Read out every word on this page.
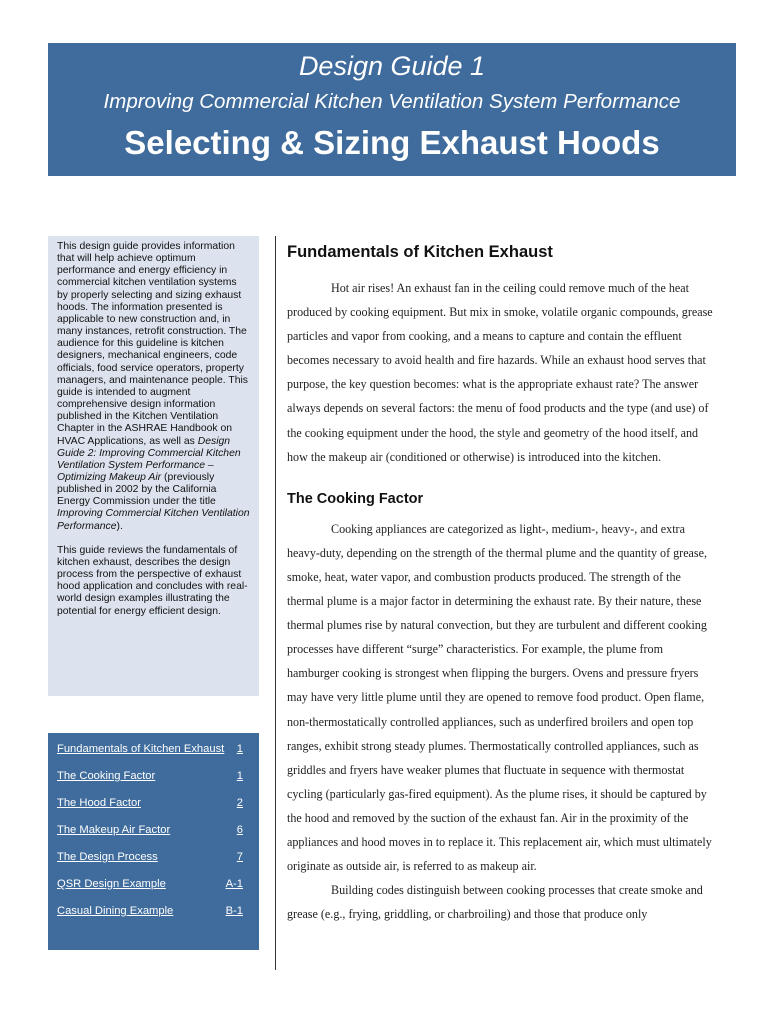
Design Guide 1
Improving Commercial Kitchen Ventilation System Performance
Selecting & Sizing Exhaust Hoods

This design guide provides information that will help achieve optimum performance and energy efficiency in commercial kitchen ventilation systems by properly selecting and sizing exhaust hoods. The information presented is applicable to new construction and, in many instances, retrofit construction. The audience for this guideline is kitchen designers, mechanical engineers, code officials, food service operators, property managers, and maintenance people. This guide is intended to augment comprehensive design information published in the Kitchen Ventilation Chapter in the ASHRAE Handbook on HVAC Applications, as well as Design Guide 2: Improving Commercial Kitchen Ventilation System Performance – Optimizing Makeup Air (previously published in 2002 by the California Energy Commission under the title Improving Commercial Kitchen Ventilation Performance).

This guide reviews the fundamentals of kitchen exhaust, describes the design process from the perspective of exhaust hood application and concludes with real-world design examples illustrating the potential for energy efficient design.

Fundamentals of Kitchen Exhaust 1
The Cooking Factor	1
The Hood Factor	2
The Makeup Air Factor	6
The Design Process	7
QSR Design Example	A-1
Casual Dining Example	B-1
Fundamentals of Kitchen Exhaust

Hot air rises! An exhaust fan in the ceiling could remove much of the heat produced by cooking equipment. But mix in smoke, volatile organic compounds, grease particles and vapor from cooking, and a means to capture and contain the effluent becomes necessary to avoid health and fire hazards. While an exhaust hood serves that purpose, the key question becomes: what is the appropriate exhaust rate? The answer always depends on several factors: the menu of food products and the type (and use) of the cooking equipment under the hood, the style and geometry of the hood itself, and how the makeup air (conditioned or otherwise) is introduced into the kitchen.

The Cooking Factor

Cooking appliances are categorized as light-, medium-, heavy-, and extra heavy-duty, depending on the strength of the thermal plume and the quantity of grease, smoke, heat, water vapor, and combustion products produced. The strength of the thermal plume is a major factor in determining the exhaust rate. By their nature, these thermal plumes rise by natural convection, but they are turbulent and different cooking processes have different “surge” characteristics. For example, the plume from hamburger cooking is strongest when flipping the burgers. Ovens and pressure fryers may have very little plume until they are opened to remove food product. Open flame, non-thermostatically controlled appliances, such as underfired broilers and open top ranges, exhibit strong steady plumes. Thermostatically controlled appliances, such as griddles and fryers have weaker plumes that fluctuate in sequence with thermostat cycling (particularly gas-fired equipment). As the plume rises, it should be captured by the hood and removed by the suction of the exhaust fan. Air in the proximity of the appliances and hood moves in to replace it. This replacement air, which must ultimately originate as outside air, is referred to as makeup air.

Building codes distinguish between cooking processes that create smoke and grease (e.g., frying, griddling, or charbroiling) and those that produce only
